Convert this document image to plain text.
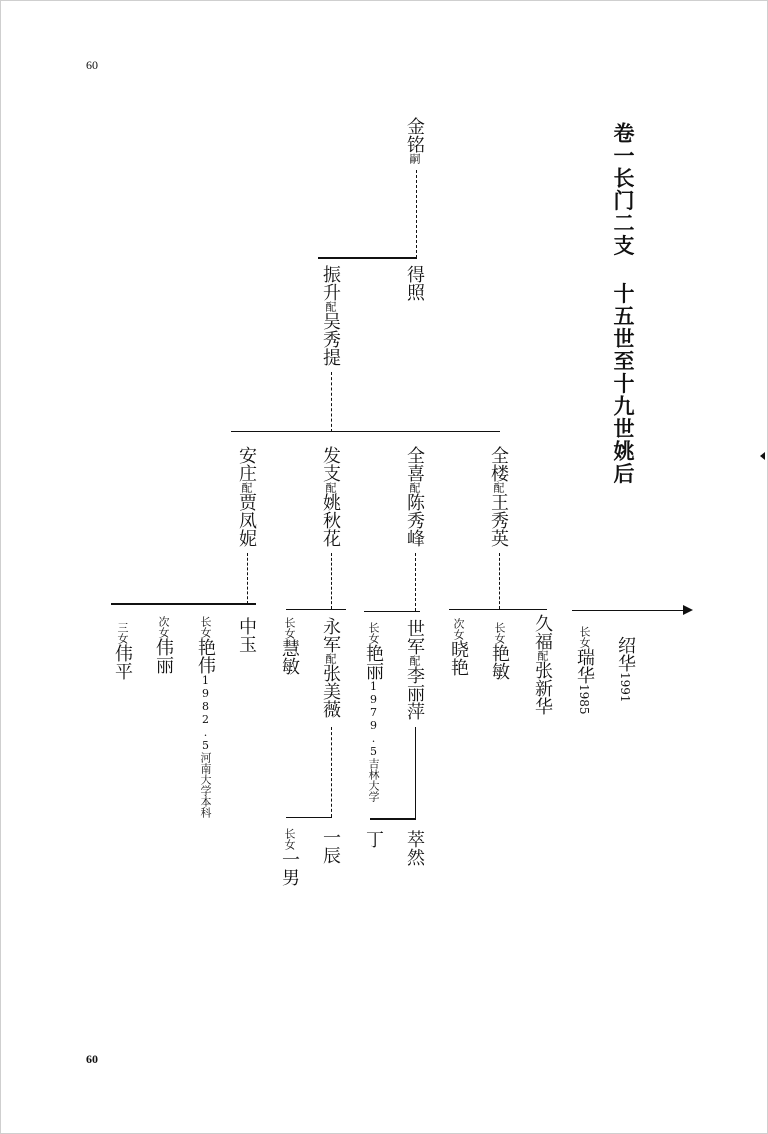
60
60
卷一长门二支 十五世至十九世姚后
金铭嗣
振升配吴秀提
得照
安庄配贾凤妮
发支配姚秋花
全喜配陈秀峰
全楼配王秀英
三女伟平
次女伟丽
长女艳伟1982.5河南大学本科
中玉 长女慧敏
永军配张美薇
长女艳丽1979.5吉林大学
世军配李丽萍
次女晓艳
长女艳敏
久福配张新华
长女瑞华1985
绍华1991
长女一男
一辰 丁 萃然
